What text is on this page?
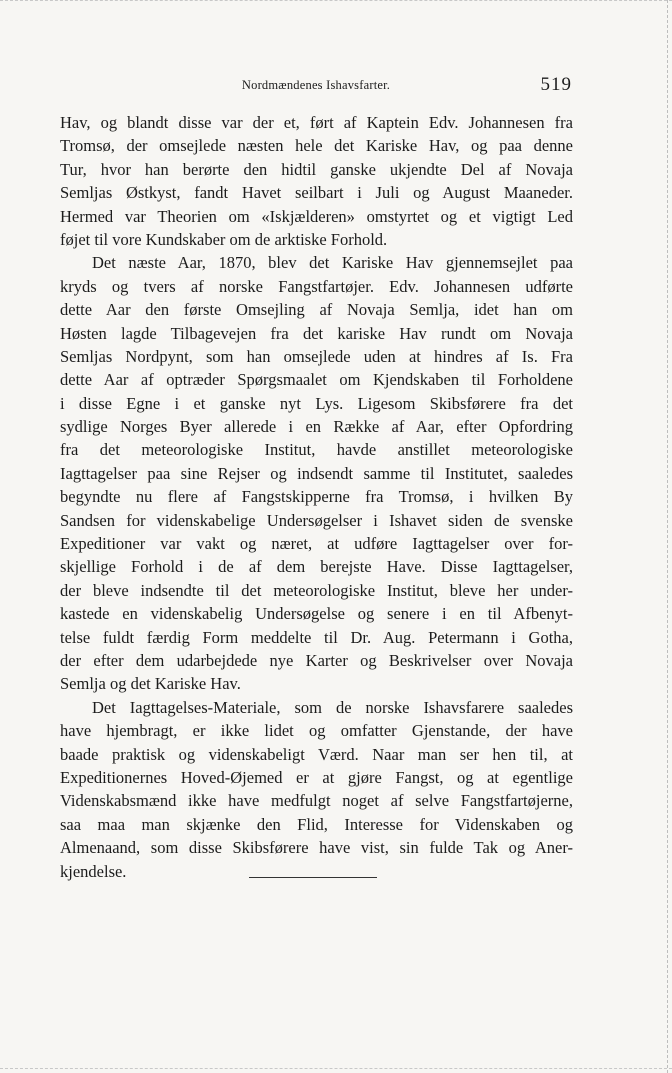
Nordmændenes Ishavsfarter.	519
Hav, og blandt disse var der et, ført af Kaptein Edv. Johannesen fra
Tromsø, der omsejlede næsten hele det Kariske Hav, og paa denne
Tur, hvor han berørte den hidtil ganske ukjendte Del af Novaja
Semljas Østkyst, fandt Havet seilbart i Juli og August Maaneder.
Hermed var Theorien om «Iskjælderen» omstyrtet og et vigtigt Led
føjet til vore Kundskaber om de arktiske Forhold.
Det næste Aar, 1870, blev det Kariske Hav gjennemsejlet paa
kryds og tvers af norske Fangstfartøjer. Edv. Johannesen udførte
dette Aar den første Omsejling af Novaja Semlja, idet han om
Høsten lagde Tilbagevejen fra det kariske Hav rundt om Novaja
Semljas Nordpynt, som han omsejlede uden at hindres af Is. Fra
dette Aar af optræder Spørgsmaalet om Kjendskaben til Forholdene
i disse Egne i et ganske nyt Lys. Ligesom Skibsførere fra det
sydlige Norges Byer allerede i en Række af Aar, efter Opfordring
fra det meteorologiske Institut, havde anstillet meteorologiske
Iagttagelser paa sine Rejser og indsendt samme til Institutet, saaledes
begyndte nu flere af Fangstskipperne fra Tromsø, i hvilken By
Sandsen for videnskabelige Undersøgelser i Ishavet siden de svenske
Expeditioner var vakt og næret, at udføre Iagttagelser over for-
skjellige Forhold i de af dem berejste Have. Disse Iagttagelser,
der bleve indsendte til det meteorologiske Institut, bleve her under-
kastede en videnskabelig Undersøgelse og senere i en til Afbenyt-
telse fuldt færdig Form meddelte til Dr. Aug. Petermann i Gotha,
der efter dem udarbejdede nye Karter og Beskrivelser over Novaja
Semlja og det Kariske Hav.
Det Iagttagelses-Materiale, som de norske Ishavsfarere saaledes
have hjembragt, er ikke lidet og omfatter Gjenstande, der have
baade praktisk og videnskabeligt Værd. Naar man ser hen til, at
Expeditionernes Hoved-Øjemed er at gjøre Fangst, og at egentlige
Videnskabsmænd ikke have medfulgt noget af selve Fangstfartøjerne,
saa maa man skjænke den Flid, Interesse for Videnskaben og
Almenaand, som disse Skibsførere have vist, sin fulde Tak og Aner-
kjendelse.
